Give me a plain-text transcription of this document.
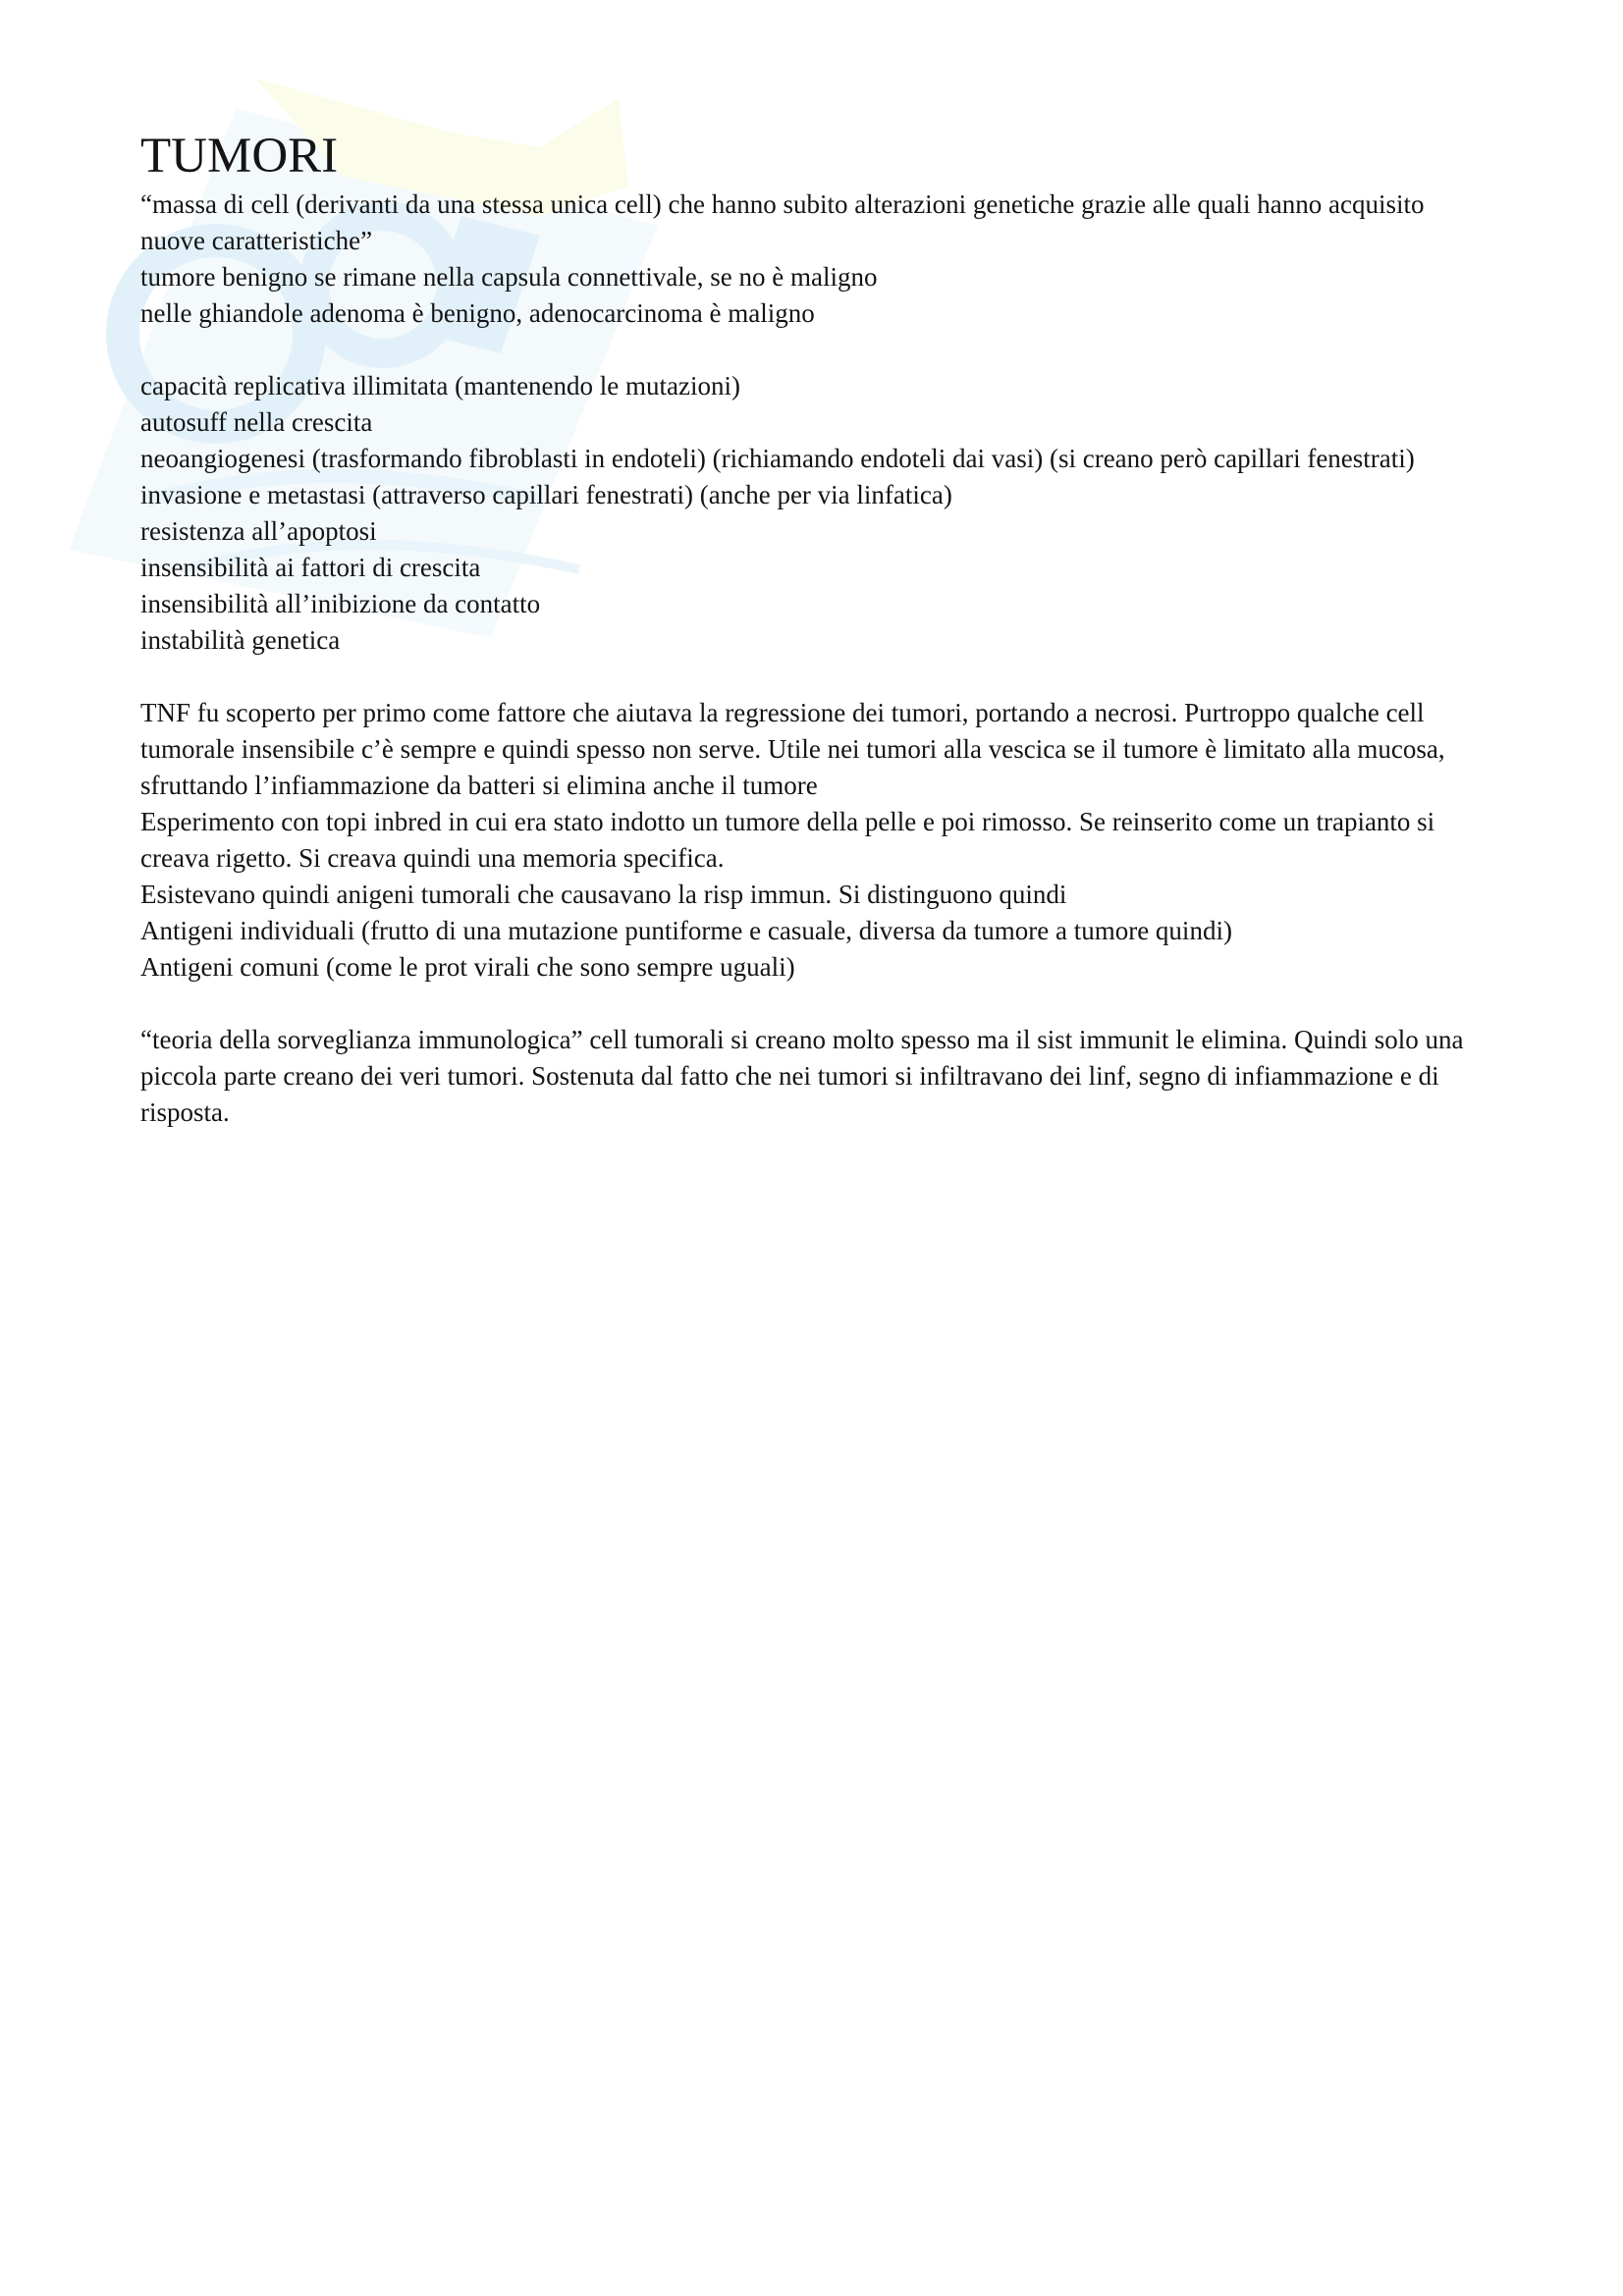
TUMORI
“massa di cell (derivanti da una stessa unica cell) che hanno subito alterazioni genetiche grazie alle quali hanno acquisito nuove caratteristiche”
tumore benigno se rimane nella capsula connettivale, se no è maligno
nelle ghiandole adenoma è benigno, adenocarcinoma è maligno
capacità replicativa illimitata (mantenendo le mutazioni)
autosuff nella crescita
neoangiogenesi (trasformando fibroblasti in endoteli) (richiamando endoteli dai vasi) (si creano però capillari fenestrati)
invasione e metastasi (attraverso capillari fenestrati) (anche per via linfatica)
resistenza all’apoptosi
insensibilità ai fattori di crescita
insensibilità all’inibizione da contatto
instabilità genetica
TNF fu scoperto per primo come fattore che aiutava la regressione dei tumori, portando a necrosi. Purtroppo qualche cell tumorale insensibile c’è sempre e quindi spesso non serve. Utile nei tumori alla vescica se il tumore è limitato alla mucosa, sfruttando l’infiammazione da batteri si elimina anche il tumore
Esperimento con topi inbred in cui era stato indotto un tumore della pelle e poi rimosso. Se reinserito come un trapianto si creava rigetto. Si creava quindi una memoria specifica.
Esistevano quindi anigeni tumorali che causavano la risp immun. Si distinguono quindi
Antigeni individuali (frutto di una mutazione puntiforme e casuale, diversa da tumore a tumore quindi)
Antigeni comuni (come le prot virali che sono sempre uguali)
“teoria della sorveglianza immunologica” cell tumorali si creano molto spesso ma il sist immunit le elimina. Quindi solo una piccola parte creano dei veri tumori. Sostenuta dal fatto che nei tumori si infiltravano dei linf, segno di infiammazione e di risposta.
